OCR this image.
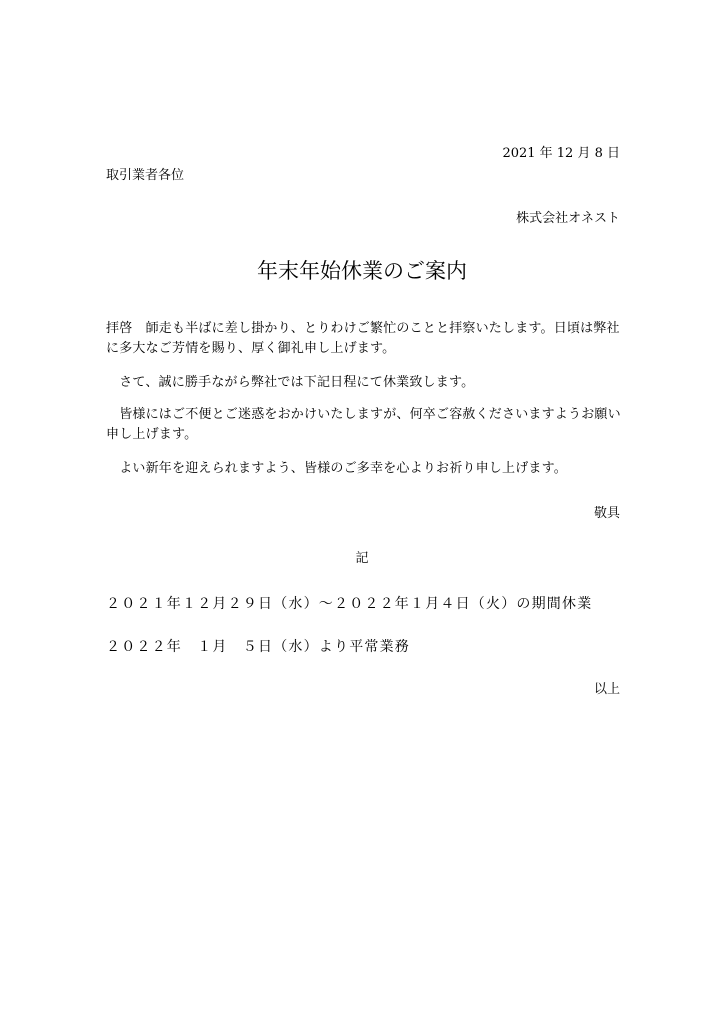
2021 年 12 月 8 日
取引業者各位
株式会社オネスト
年末年始休業のご案内
拝啓　師走も半ばに差し掛かり、とりわけご繁忙のことと拝察いたします。日頃は弊社に多大なご芳情を賜り、厚く御礼申し上げます。
　さて、誠に勝手ながら弊社では下記日程にて休業致します。
　皆様にはご不便とご迷惑をおかけいたしますが、何卒ご容赦くださいますようお願い申し上げます。
　よい新年を迎えられますよう、皆様のご多幸を心よりお祈り申し上げます。
敬具
記
２０２１年１２月２９日（水）～２０２２年１月４日（火）の期間休業
２０２２年　１月　５日（水）より平常業務
以上
